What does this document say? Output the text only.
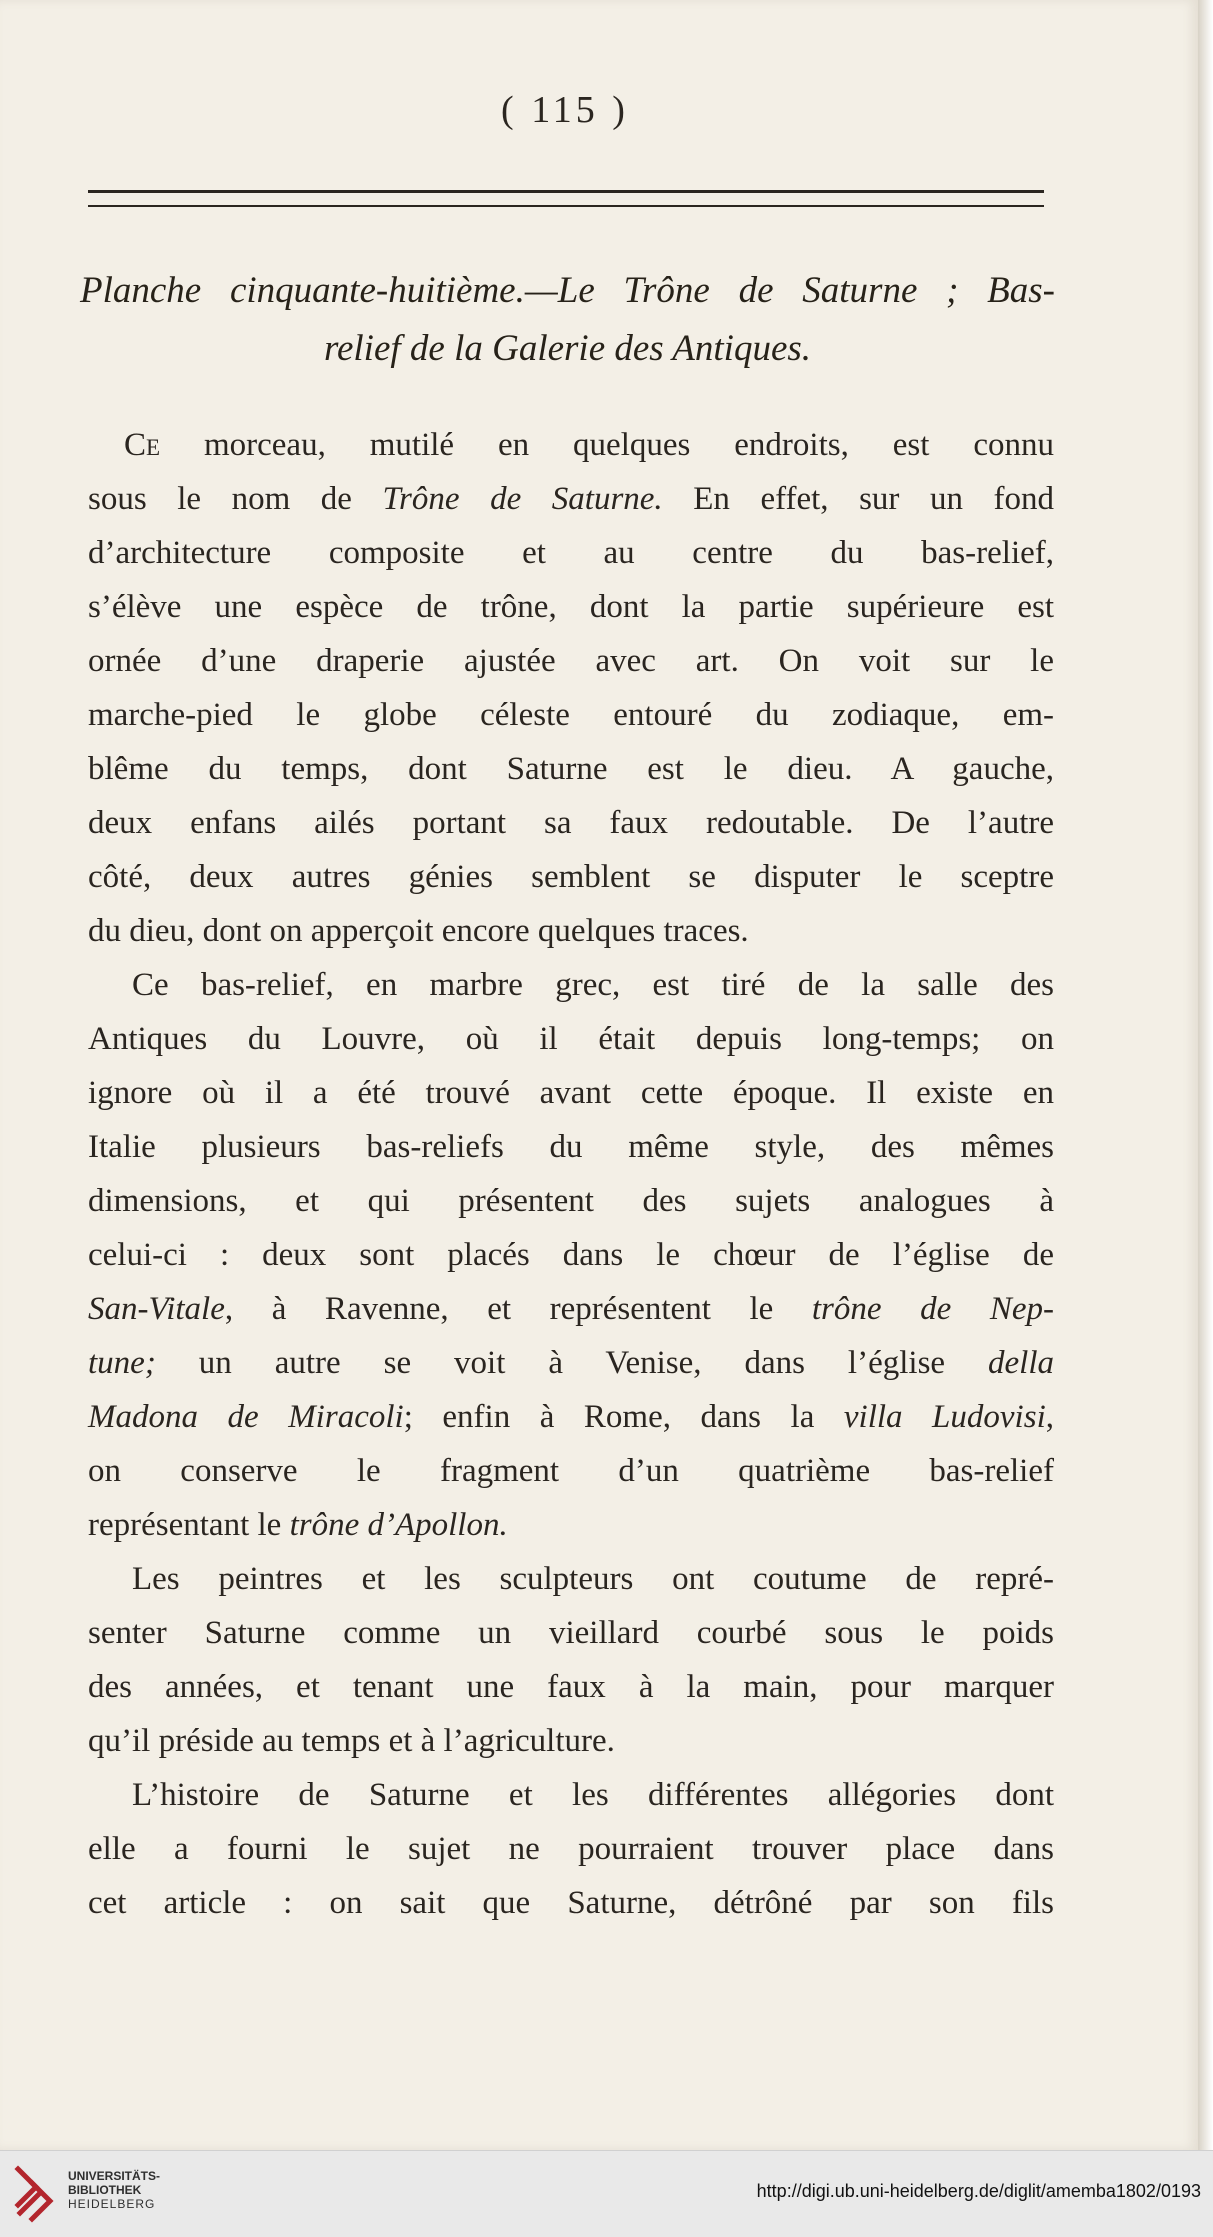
( 115 )
Planche cinquante-huitième.—Le Trône de Saturne ; Bas-
relief de la Galerie des Antiques.
Ce morceau, mutilé en quelques endroits, est connu
sous le nom de Trône de Saturne. En effet, sur un fond
d’architecture composite et au centre du bas-relief,
s’élève une espèce de trône, dont la partie supérieure est
ornée d’une draperie ajustée avec art. On voit sur le
marche-pied le globe céleste entouré du zodiaque, em-
blême du temps, dont Saturne est le dieu. A gauche,
deux enfans ailés portant sa faux redoutable. De l’autre
côté, deux autres génies semblent se disputer le sceptre
du dieu, dont on apperçoit encore quelques traces.
Ce bas-relief, en marbre grec, est tiré de la salle des
Antiques du Louvre, où il était depuis long-temps; on
ignore où il a été trouvé avant cette époque. Il existe en
Italie plusieurs bas-reliefs du même style, des mêmes
dimensions, et qui présentent des sujets analogues à
celui-ci : deux sont placés dans le chœur de l’église de
San-Vitale, à Ravenne, et représentent le trône de Nep-
tune; un autre se voit à Venise, dans l’église della
Madona de Miracoli; enfin à Rome, dans la villa Ludovisi,
on conserve le fragment d’un quatrième bas-relief
représentant le trône d’Apollon.
Les peintres et les sculpteurs ont coutume de repré-
senter Saturne comme un vieillard courbé sous le poids
des années, et tenant une faux à la main, pour marquer
qu’il préside au temps et à l’agriculture.
L’histoire de Saturne et les différentes allégories dont
elle a fourni le sujet ne pourraient trouver place dans
cet article : on sait que Saturne, détrôné par son fils
UNIVERSITÄTS-
BIBLIOTHEK
HEIDELBERG
http://digi.ub.uni-heidelberg.de/diglit/amemba1802/0193
